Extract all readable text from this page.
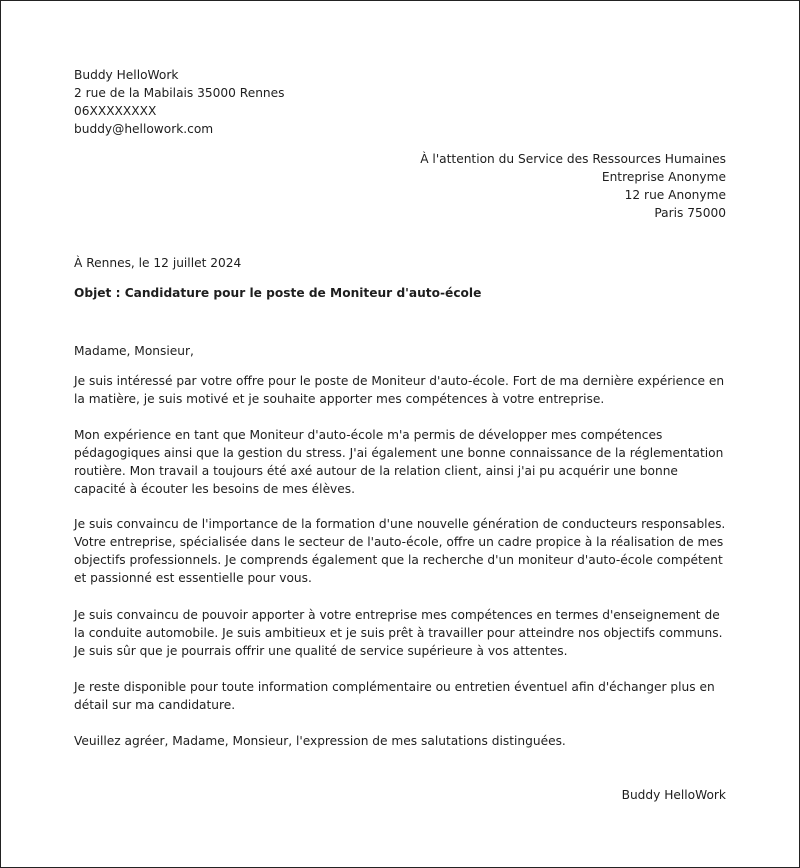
Buddy HelloWork
2 rue de la Mabilais 35000 Rennes
06XXXXXXXX
buddy@hellowork.com
À l'attention du Service des Ressources Humaines
Entreprise Anonyme
12 rue Anonyme
Paris 75000
À Rennes, le 12 juillet 2024
Objet : Candidature pour le poste de Moniteur d'auto-école
Madame, Monsieur,

Je suis intéressé par votre offre pour le poste de Moniteur d'auto-école. Fort de ma dernière expérience en la matière, je suis motivé et je souhaite apporter mes compétences à votre entreprise.

Mon expérience en tant que Moniteur d'auto-école m'a permis de développer mes compétences pédagogiques ainsi que la gestion du stress. J'ai également une bonne connaissance de la réglementation routière. Mon travail a toujours été axé autour de la relation client, ainsi j'ai pu acquérir une bonne capacité à écouter les besoins de mes élèves.

Je suis convaincu de l'importance de la formation d'une nouvelle génération de conducteurs responsables. Votre entreprise, spécialisée dans le secteur de l'auto-école, offre un cadre propice à la réalisation de mes objectifs professionnels. Je comprends également que la recherche d'un moniteur d'auto-école compétent et passionné est essentielle pour vous.

Je suis convaincu de pouvoir apporter à votre entreprise mes compétences en termes d'enseignement de la conduite automobile. Je suis ambitieux et je suis prêt à travailler pour atteindre nos objectifs communs. Je suis sûr que je pourrais offrir une qualité de service supérieure à vos attentes.

Je reste disponible pour toute information complémentaire ou entretien éventuel afin d'échanger plus en détail sur ma candidature.

Veuillez agréer, Madame, Monsieur, l'expression de mes salutations distinguées.
Buddy HelloWork
